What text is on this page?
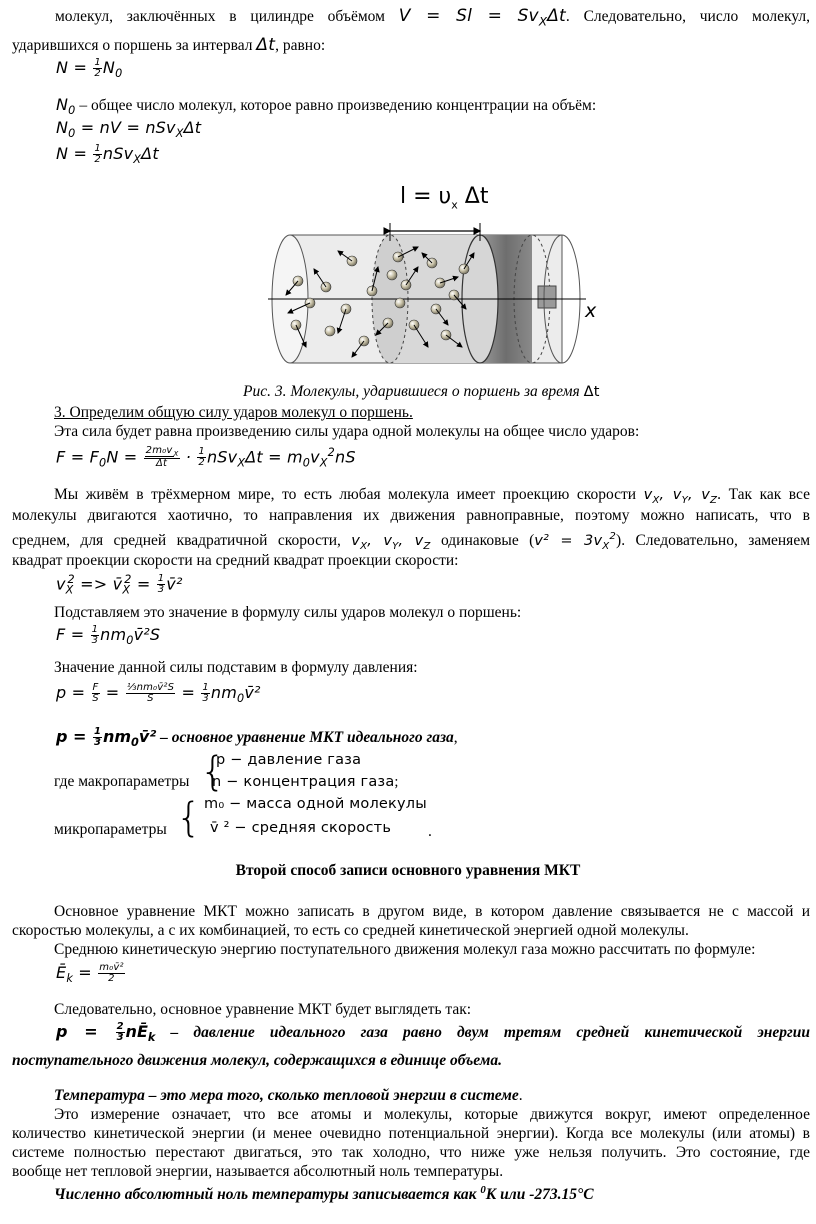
молекул, заключённых в цилиндре объёмом $V = Sl = Sv_X\Delta t$. Следовательно, число молекул,
ударившихся о поршень за интервал Δt, равно:
$N = \frac{1}{2} N_0$
$N_0$ – общее число молекул, которое равно произведению концентрации на объём:
$N_0$ = nV = nSv$_X$Δt
$N = \frac{1}{2} nSv_X\Delta t$
$l = \upsilon_x$ Δt
x
Рис. 3. Молекулы, ударившиеся о поршень за время Δt
3. Определим общую силу ударов молекул о поршень.
Эта сила будет равна произведению силы удара одной молекулы на общее число ударов:
$F = F_0N = \frac{2m_0v_X}{\Delta t} \cdot \frac{1}{2} nSv_X\Delta t = m_0v_X^2nS$
Мы живём в трёхмерном мире, то есть любая молекула имеет проекцию скорости $v_X$, $v_Y$, $v_Z$. Так как все
молекулы двигаются хаотично, то направления их движения равноправные, поэтому можно написать, что в
среднем, для средней квадратичной скорости, $v_X$, $v_Y$, $v_Z$ одинаковые $(v^2 = 3v_X^2)$. Следовательно, заменяем
квадрат проекции скорости на средний квадрат проекции скорости:
$v_X^2$ => $v̄_X^2 = \frac{1}{3}$ v̄²
Подставляем это значение в формулу силы ударов молекул о поршень:
$F = \frac{1}{3}$ $nm_0v̄^2S$
Значение данной силы подставим в формулу давления:
$p = \frac{F}{S} = \frac{\text{⅓nm₀v̄²S}}{S} = \frac{1}{3}$ $nm_0v̄^2$
$p = \frac{1}{3}$ $nm_0v̄^2$ – основное уравнение МКТ идеального газа,
где макропараметры {
p − давление газа
n − концентрация газа;
микропараметры { m₀ − масса одной молекулы
v̄ ² − средняя скорость .
Второй способ записи основного уравнения МКТ
Основное уравнение МКТ можно записать в другом виде, в котором давление связывается не с массой и
скоростью молекулы, а с их комбинацией, то есть со средней кинетической энергией одной молекулы.
Среднюю кинетическую энергию поступательного движения молекул газа можно рассчитать по формуле:
$Ē_k = \frac{\text{m₀v̄²}}{2}$
Следовательно, основное уравнение МКТ будет выглядеть так:
$p = \frac{2}{3}$ $nĒ_k$ – давление идеального газа равно двум третям средней кинетической энергии
поступательного движения молекул, содержащихся в единице объема.
Температура – это мера того, сколько тепловой энергии в системе.
Это измерение означает, что все атомы и молекулы, которые движутся вокруг, имеют определенное
количество кинетической энергии (и менее очевидно потенциальной энергии). Когда все молекулы (или атомы) в
системе полностью перестают двигаться, это так холодно, что ниже уже нельзя получить. Это состояние, где
вообще нет тепловой энергии, называется абсолютный ноль температуры.
Численно абсолютный ноль температуры записывается как $^0$К или -273.15°С
